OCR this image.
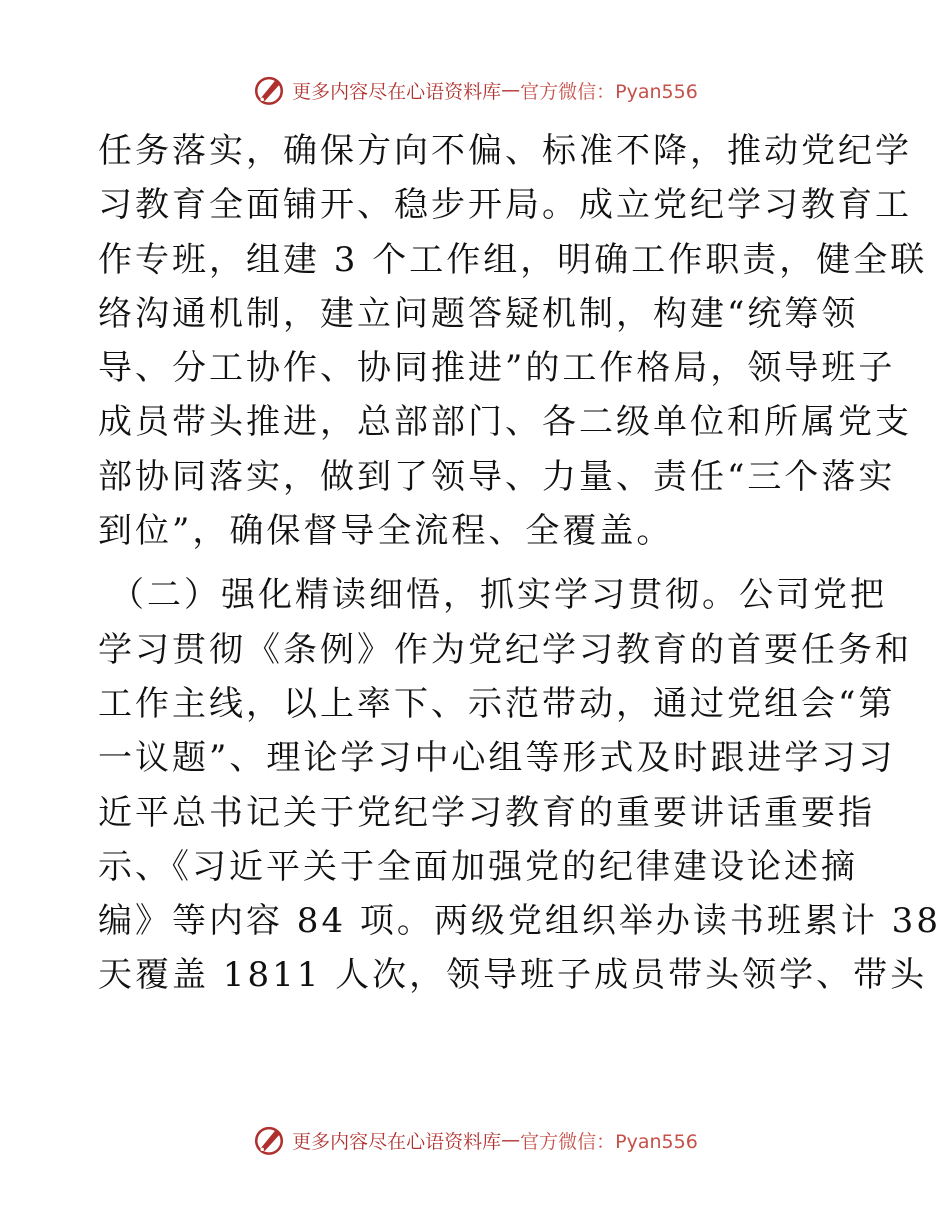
更多内容尽在心语资料库 — 官方微信：Pyan556
任务落实，确保方向不偏、标准不降，推动党纪学
习教育全面铺开、稳步开局。成立党纪学习教育工
作专班，组建 3 个工作组，明确工作职责，健全联
络沟通机制，建立问题答疑机制，构建“统筹领
导、分工协作、协同推进”的工作格局，领导班子
成员带头推进，总部部门、各二级单位和所属党支
部协同落实，做到了领导、力量、责任“三个落实
到位”，确保督导全流程、全覆盖。
（二）强化精读细悟，抓实学习贯彻。公司党把
学习贯彻《条例》作为党纪学习教育的首要任务和
工作主线，以上率下、示范带动，通过党组会“第
一议题”、理论学习中心组等形式及时跟进学习习
近平总书记关于党纪学习教育的重要讲话重要指
示、《习近平关于全面加强党的纪律建设论述摘
编》等内容 84 项。两级党组织举办读书班累计 38
天覆盖 1811 人次，领导班子成员带头领学、带头
更多内容尽在心语资料库 — 官方微信：Pyan556
